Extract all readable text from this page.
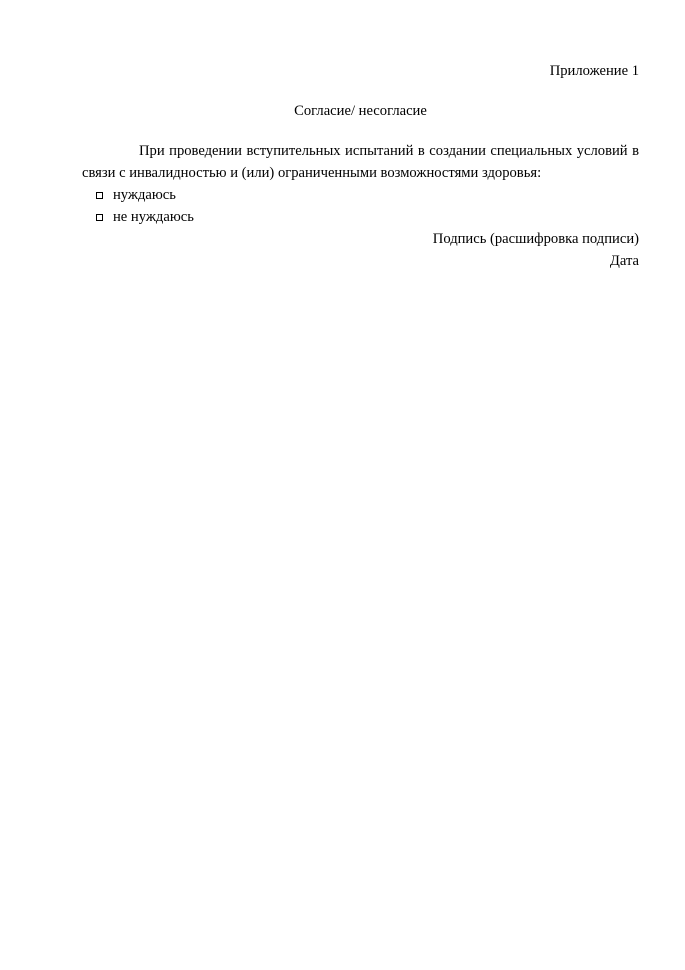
Приложение 1

Согласие/ несогласие

При проведении вступительных испытаний в создании специальных условий в связи с инвалидностью и (или) ограниченными возможностями здоровья:

нуждаюсь
не нуждаюсь

Подпись (расшифровка подписи)

Дата
